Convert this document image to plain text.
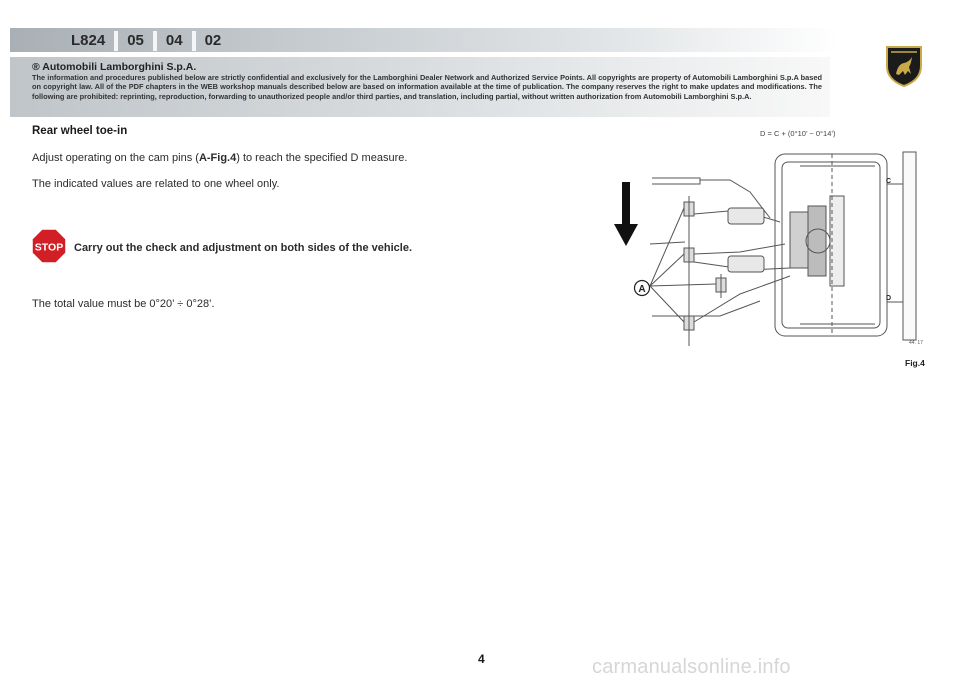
L824	05	04	02
® Automobili Lamborghini S.p.A.
The information and procedures published below are strictly confidential and exclusively for the Lamborghini Dealer Network and Authorized Service Points. All copyrights are property of Automobili Lamborghini S.p.A based on copyright law. All of the PDF chapters in the WEB workshop manuals described below are based on information available at the time of publication. The company reserves the right to make updates and modifications. The following are prohibited: reprinting, reproduction, forwarding to unauthorized people and/or third parties, and translation, including partial, without written authorization from Automobili Lamborghini S.p.A.
Rear wheel toe-in
Adjust operating on the cam pins (A-Fig.4) to reach the specified D measure.
The indicated values are related to one wheel only.
STOP Carry out the check and adjustment on both sides of the vehicle.
The total value must be 0°20’ ÷ 0°28’.
D = C + (0°10’ ~ 0°14’)
A
C
D
44. 17
Fig.4
4	carmanualsonline.info
